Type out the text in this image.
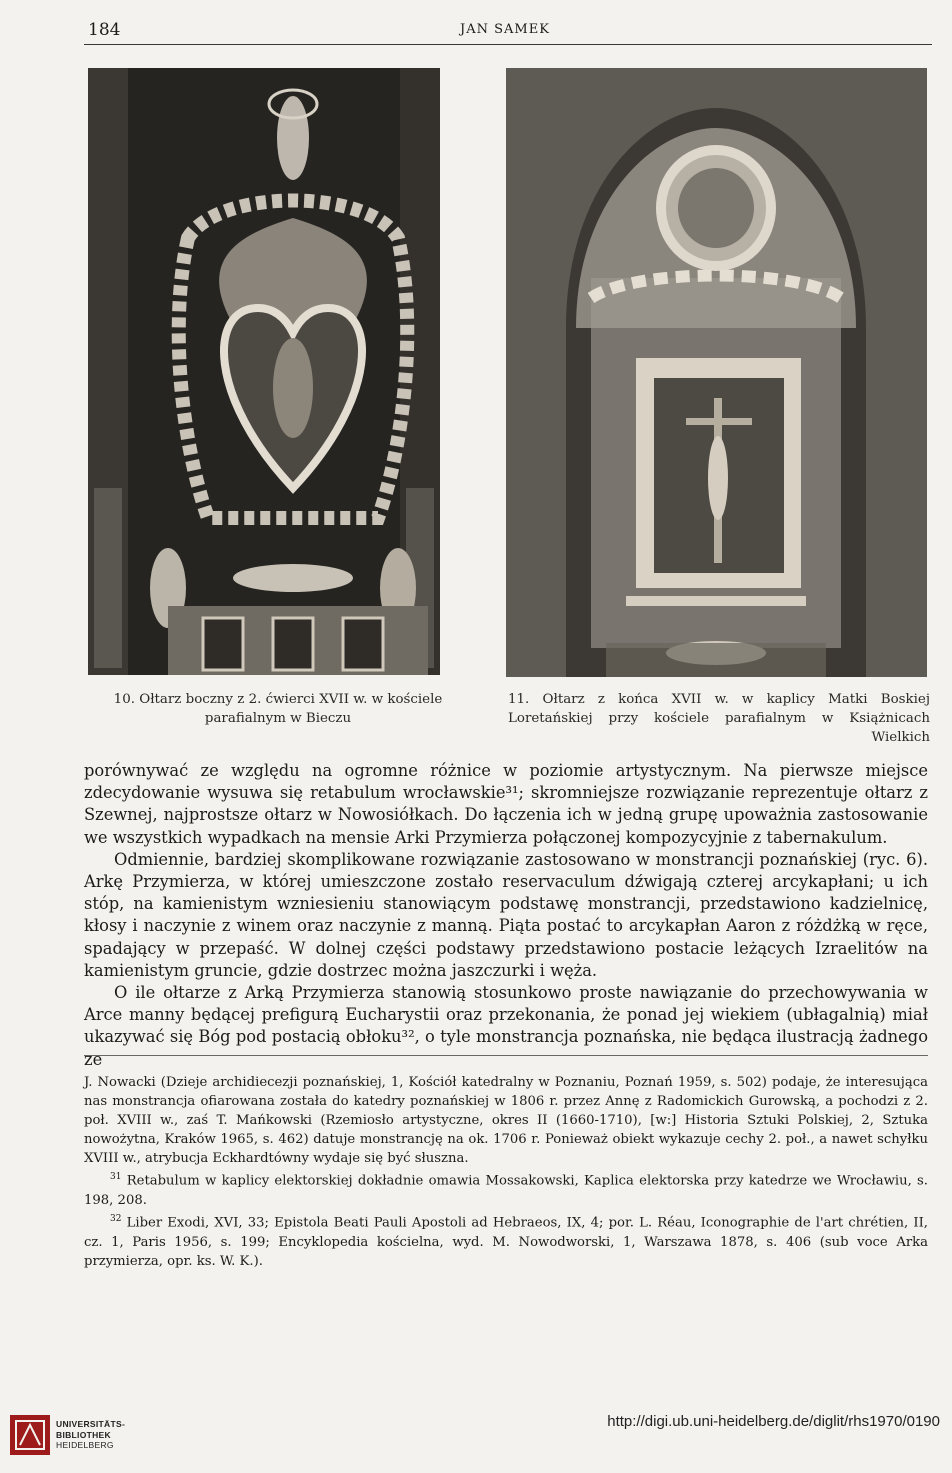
184	JAN SAMEK
10. Ołtarz boczny z 2. ćwierci XVII w. w kościele
parafialnym w Bieczu
11. Ołtarz z końca XVII w. w kaplicy Matki Boskiej Loretańskiej przy kościele parafialnym w Książnicach Wielkich

porównywać ze względu na ogromne różnice w poziomie artystycznym. Na pierwsze miejsce zdecydowanie wysuwa się retabulum wrocławskie³¹; skromniejsze rozwiązanie reprezentuje ołtarz z Szewnej, najprostsze ołtarz w Nowosiółkach. Do łączenia ich w jedną grupę upoważnia zastosowanie we wszystkich wypadkach na mensie Arki Przymierza połączonej kompozycyjnie z tabernakulum.

Odmiennie, bardziej skomplikowane rozwiązanie zastosowano w monstrancji poznańskiej (ryc. 6). Arkę Przymierza, w której umieszczone zostało reservaculum dźwigają czterej arcykapłani; u ich stóp, na kamienistym wzniesieniu stanowiącym podstawę monstrancji, przedstawiono kadzielnicę, kłosy i naczynie z winem oraz naczynie z manną. Piąta postać to arcykapłan Aaron z różdżką w ręce, spadający w przepaść. W dolnej części podstawy przedstawiono postacie leżących Izraelitów na kamienistym gruncie, gdzie dostrzec można jaszczurki i węża.

O ile ołtarze z Arką Przymierza stanowią stosunkowo proste nawiązanie do przechowywania w Arce manny będącej prefigurą Eucharystii oraz przekonania, że ponad jej wiekiem (ubłagalnią) miał ukazywać się Bóg pod postacią obłoku³², o tyle monstrancja poznańska, nie będąca ilustracją żadnego ze

J. Nowacki (Dzieje archidiecezji poznańskiej, 1, Kościół katedralny w Poznaniu, Poznań 1959, s. 502) podaje, że interesująca nas monstrancja ofiarowana została do katedry poznańskiej w 1806 r. przez Annę z Radomickich Gurowską, a pochodzi z 2. poł. XVIII w., zaś T. Mańkowski (Rzemiosło artystyczne, okres II (1660-1710), [w:] Historia Sztuki Polskiej, 2, Sztuka nowożytna, Kraków 1965, s. 462) datuje monstrancję na ok. 1706 r. Ponieważ obiekt wykazuje cechy 2. poł., a nawet schyłku XVIII w., atrybucja Eckhardtówny wydaje się być słuszna.

$^{31}$ Retabulum w kaplicy elektorskiej dokładnie omawia Mossakowski, Kaplica elektorska przy katedrze we Wrocławiu, s. 198, 208.

$^{32}$ Liber Exodi, XVI, 33; Epistola Beati Pauli Apostoli ad Hebraeos, IX, 4; por. L. Réau, Iconographie de l'art chrétien, II, cz. 1, Paris 1956, s. 199; Encyklopedia kościelna, wyd. M. Nowodworski, 1, Warszawa 1878, s. 406 (sub voce Arka przymierza, opr. ks. W. K.).

UNIVERSITÄTS-
BIBLIOTHEK
HEIDELBERG
http://digi.ub.uni-heidelberg.de/diglit/rhs1970/0190
